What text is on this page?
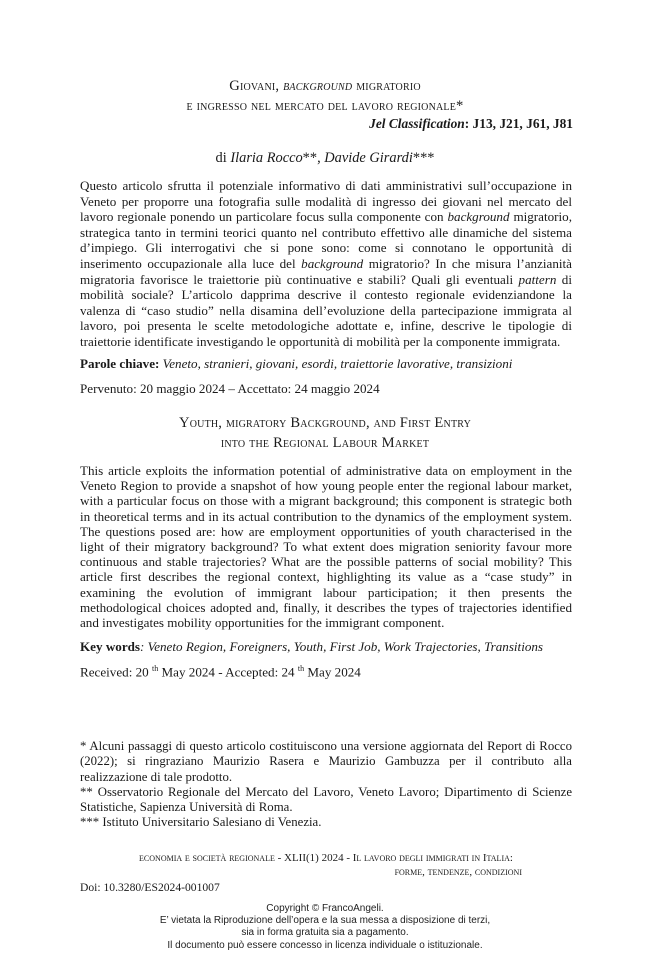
Giovani, background migratorio
e ingresso nel mercato del lavoro regionale*
Jel Classification: J13, J21, J61, J81
di Ilaria Rocco**, Davide Girardi***
Questo articolo sfrutta il potenziale informativo di dati amministrativi sull’occupazione in Veneto per proporre una fotografia sulle modalità di ingresso dei giovani nel mercato del lavoro regionale ponendo un particolare focus sulla componente con background migratorio, strategica tanto in termini teorici quanto nel contributo effettivo alle dinamiche del sistema d’impiego. Gli interrogativi che si pone sono: come si connotano le opportunità di inserimento occupazionale alla luce del background migratorio? In che misura l’anzianità migratoria favorisce le traiettorie più continuative e stabili? Quali gli eventuali pattern di mobilità sociale? L’articolo dapprima descrive il contesto regionale evidenziandone la valenza di “caso studio” nella disamina dell’evoluzione della partecipazione immigrata al lavoro, poi presenta le scelte metodologiche adottate e, infine, descrive le tipologie di traiettorie identificate investigando le opportunità di mobilità per la componente immigrata.
Parole chiave: Veneto, stranieri, giovani, esordi, traiettorie lavorative, transizioni
Pervenuto: 20 maggio 2024 – Accettato: 24 maggio 2024
Youth, migratory Background, and First Entry
into the Regional Labour Market
This article exploits the information potential of administrative data on employment in the Veneto Region to provide a snapshot of how young people enter the regional labour market, with a particular focus on those with a migrant background; this component is strategic both in theoretical terms and in its actual contribution to the dynamics of the employment system. The questions posed are: how are employment opportunities of youth characterised in the light of their migratory background? To what extent does migration seniority favour more continuous and stable trajectories? What are the possible patterns of social mobility? This article first describes the regional context, highlighting its value as a “case study” in examining the evolution of immigrant labour participation; it then presents the methodological choices adopted and, finally, it describes the types of trajectories identified and investigates mobility opportunities for the immigrant component.
Key words: Veneto Region, Foreigners, Youth, First Job, Work Trajectories, Transitions
Received: 20 $^{th}$ May 2024 - Accepted: 24 $^{th}$ May 2024

* Alcuni passaggi di questo articolo costituiscono una versione aggiornata del Report di Rocco (2022); si ringraziano Maurizio Rasera e Maurizio Gambuzza per il contributo alla realizzazione di tale prodotto.

** Osservatorio Regionale del Mercato del Lavoro, Veneto Lavoro; Dipartimento di Scienze Statistiche, Sapienza Università di Roma.

*** Istituto Universitario Salesiano di Venezia.

economia e società regionale - XLII(1) 2024 - Il lavoro degli immigrati in Italia:
forme, tendenze, condizioni
Doi: 10.3280/ES2024-001007
Copyright © FrancoAngeli.
E’ vietata la Riproduzione dell’opera e la sua messa a disposizione di terzi,
sia in forma gratuita sia a pagamento.
Il documento può essere concesso in licenza individuale o istituzionale.
